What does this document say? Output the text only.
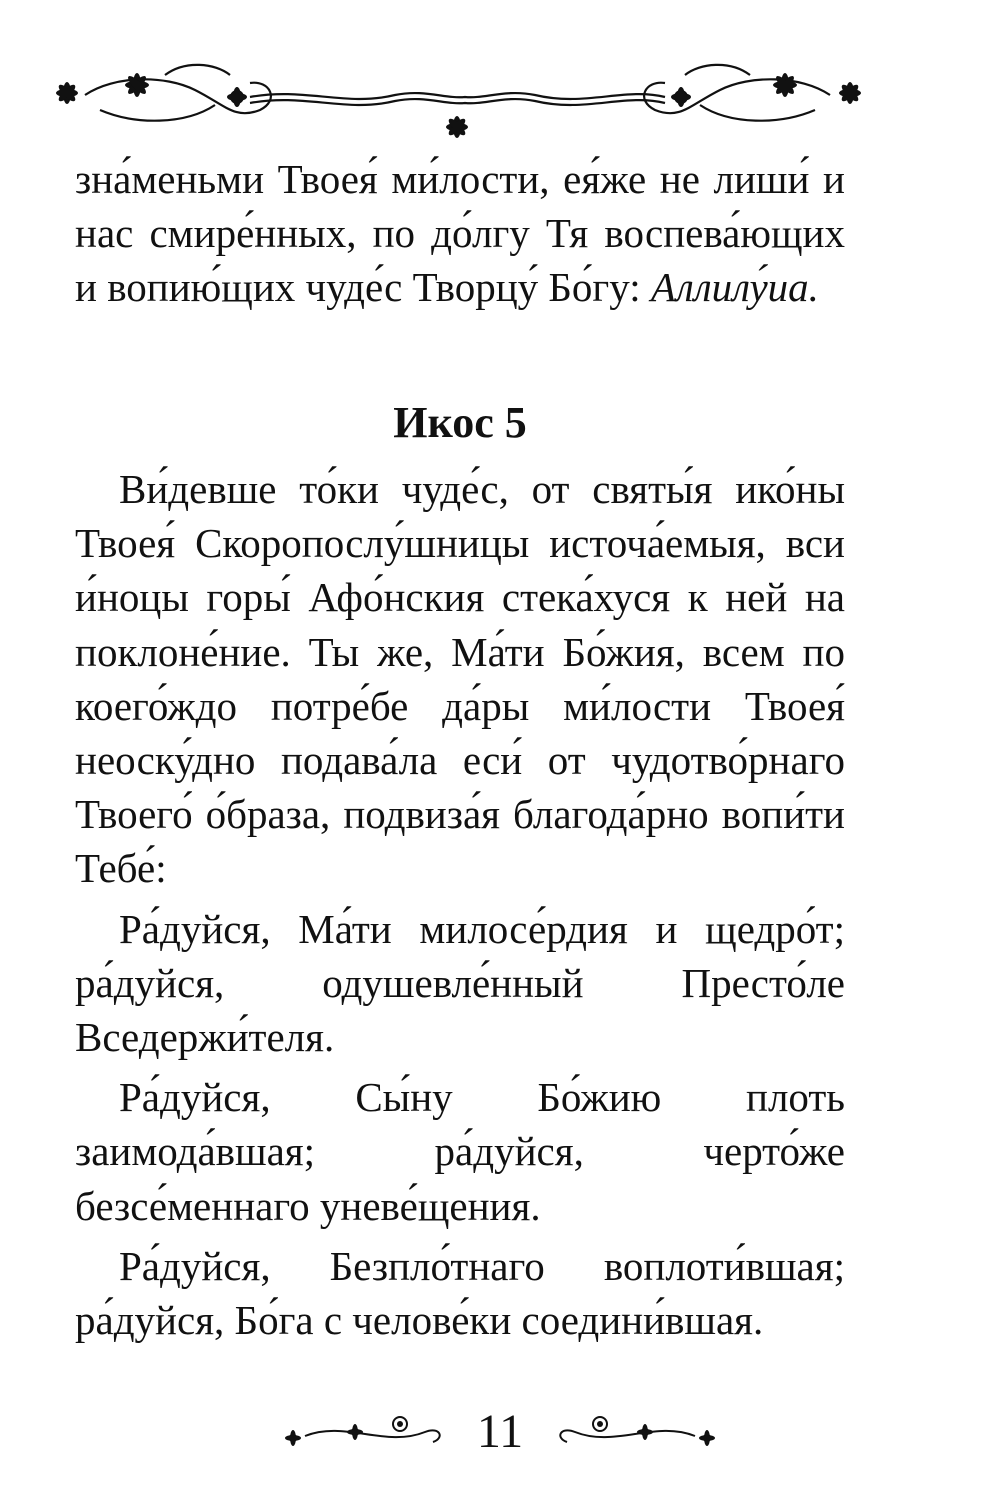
зна́меньми Твоея́ ми́лости, ея́же не лиши́ и нас смире́нных, по до́лгу Тя воспева́ющих и вопию́щих чуде́с Творцу́ Бо́гу: Аллилу́иа.

Икос 5

Ви́девше то́ки чуде́с, от святы́я ико́ны Твоея́ Скоропослу́шницы источа́емыя, вси и́ноцы горы́ Афо́нския стека́хуся к ней на поклоне́ние. Ты же, Ма́ти Бо́жия, всем по коего́ждо потре́бе да́ры ми́лости Твоея́ неоску́дно подава́ла еси́ от чудотво́рнаго Твоего́ о́браза, подвиза́я благода́рно вопи́ти Тебе́:

Ра́дуйся, Ма́ти милосе́рдия и щедро́т; ра́дуйся, одушевле́нный Престо́ле Вседержи́теля.

Ра́дуйся, Сы́ну Бо́жию плоть заимода́вшая; ра́дуйся, черто́же безсе́меннаго уневе́щения.

Ра́дуйся, Безпло́тнаго воплоти́вшая; ра́дуйся, Бо́га с челове́ки соедини́вшая.

11
